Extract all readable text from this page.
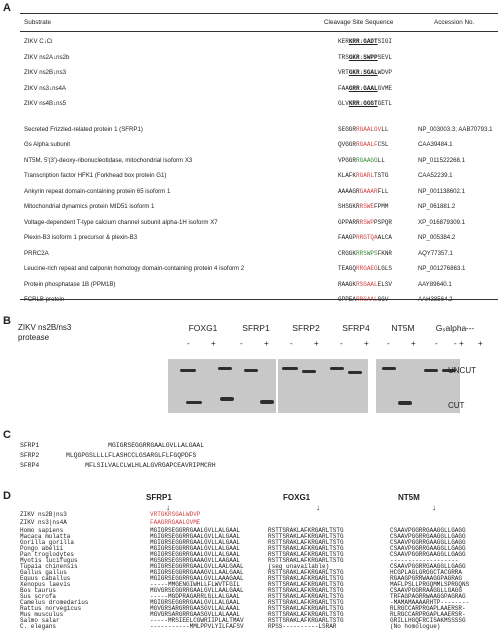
A
Substrate	Cleavage Site Sequence	Accession No.
ZIKV C↓Ci	KERKRR↓GADTSIGI
ZIKV ns2A↓ns2b	TRSGKR↓SWPPSEVL
ZIKV ns2B↓ns3	VRTGKR↓SGALWDVP
ZIKV ns3↓ns4A	FAAGRR↓GAALGVME
ZIKV ns4B↓ns5	GLVKRR↓GGGTGETL
Secreted Frizzled-related protein 1 (SFRP1)	SEGGRRGAALGVLL	NP_003003.3; AAB70793.1
Gs Alpha subunit	QVGGRRGAALFCSL	CAA39484.1
NT5M, 5'(3')-deoxy-ribonucleotidase, mitochondrial isoform X3	VPGGRRGAAGGLL	NP_011522268.1
Transcription factor HFK1 (Forkhead box protein G1)	KLAFKRGARLTSTG	CAA52239.1
Ankyrin repeat domain-containing protein 65 isoform 1	AAAAGRGAAARFLL	NP_001138602.1
Mitochondrial dynamics protein MID51 isoform 1	SHSGKRRSWEFPMM	NP_061881.2
Voltage-dependent T-type calcium channel subunit alpha-1H isoform X7	GPPARRRSWPPSPQR	XP_016879309.1
Plexin-B3 isoform 1 precursor & plexin-B3	FAAGPRRGTQAALCA	NP_005384.2
PRRC2A	CRGGKRRSWPSFKNR	AQY77357.1
Leucine-rich repeat and calponin homology domain-containing protein 4 isoform 2	TEAGQRRGAEGLGLS	NP_001276863.1
Protein phosphatase 1B (PPM1B)	RAAGKRSGAALELSV	AAY89640.1
FCRLB protein	GPPEARRGAALGGV	AAH38564.2
B
ZIKV ns2B/ns3
protease
FOXG1
-	+
SFRP1
-	+
SFRP2
-	+
SFRP4
-	+
NT5M
-	+
Gₛalpha
-	+
---
-	+
UNCUT
CUT
C
SFRP1	MGIGRSEGGRRGAALGVLLALGAAL
SFRP2	MLQGPGSLLLLFLASHCCLGSARGLFLFGQPDFS
SFRP4	MFLSILVALCLWLHLALGVRGAPCEAVRIPMCRH
D	SFRP1	FOXG1	NT5M
↓	↓	↓
ZIKV ns2B|ns3	VRTGKRSGALWDVP
ZIKV ns3|ns4A	FAAGRRGAALGVME
Homo sapiens	MGIGRSEGGRRGAALGVLLALGAAL	RSTTSRAKLAFKRGARLTSTG	CSAAVPGGRRGAAGGLLGAGG
Macaca mulatta	MGIGRSEGGRRGAALGVLLALGAAL	RSTTSRAKLAFKRGARLTSTG	CSAAVPGGRRGAAGGLLGAGG
Gorilla gorilla	MGIGRSEGGRRGAALGVLLALGAAL	RSTTSRAKLAFKRGARLTSTG	CSAAVPGGRRGAAGGLLGAGG
Pongo abelii	MGIGRSEGGRRGAALGVLLALGAAL	RSTTSRAKLAFKRGARLTSTG	CSAAVPGGRRGAAGGLLGAGG
Pan troglodytes	MGIGRSEGGRRGAALGVLLALGAAL	RSTTSRAKLAFKRGARLTSTG	CSAAVPGGRRGAAGGLLGAGG
Myotis lucifugus	MGSGRSEGSRRGAAAGVLLAAGAAL	RSTTSRAKLAFKRGARLTSTG	-------------------
Tupaia chinensis	MGIGRSEGGRRGAALGVLLAALGAAL	(seq unavailable)	CSAAVPGGRRGAAGGLLGAGG
Gallus gallus	MGIGRSEGGRRGAAAGVLLAALGAAL	RSTTSRAKLAFKRGARLTSTG	HCGPLAGLGRGGCTACGRRA
Equus caballus	MGIGRSEGGRRGAALGVLLAAAGAAL	RSTTSRAKLAFKRGARLTSTG	RGAAGPGRRWAAGGPAGRAG
Xenopus laevis	-----MMGENGIWHLLFLWVTFGIL	RSTTSRAKLAFKRGARLTSTG	MAFLPSLLPRGQMMLSPRGQNS
Bos taurus	MGVGRSEGGRRGAALGVLLAALGAAL	RSTTSRAKLAFKRGARLTSTG	CSAAVPGGRRAAGGLLGAGG
Sus scrofa	-----MGDPRAGARRLGLLALGAAL	RSTTSRAKLAFKRGARLTSTG	TRFAGPAGRRWAAGGPAGRAG
Camelus dromedarius	MGIGRSEGGRRGAALGVLLALGAAL	RSTTSRAKLAFKRGARLTSTG	-MAMAMAAAARHTP--------
Rattus norvegicus	MGVGRSARGRRGAASGVLLALAAAL	RSTTSRAKLAFKRGARLTSTG	RLRGCCARPRGAPLAAERSR-
Mus musculus	MGVGRSARGRRGAASGVLLALAAAL	RSTTSRAKLAFKRGARLTSTG	RLRGCCARPRGAPLAAERSR-
Salmo salar	-----MRSIEELCGWRIIPLALTMAV	RSTTSRAKLAFKRGARLTSTG	GRILLHGQFRCISAKMSSSSG
C. elegans	-----------MMLPPVLYILFAFSV	RPSS----------LSRAR	(No homologue)
